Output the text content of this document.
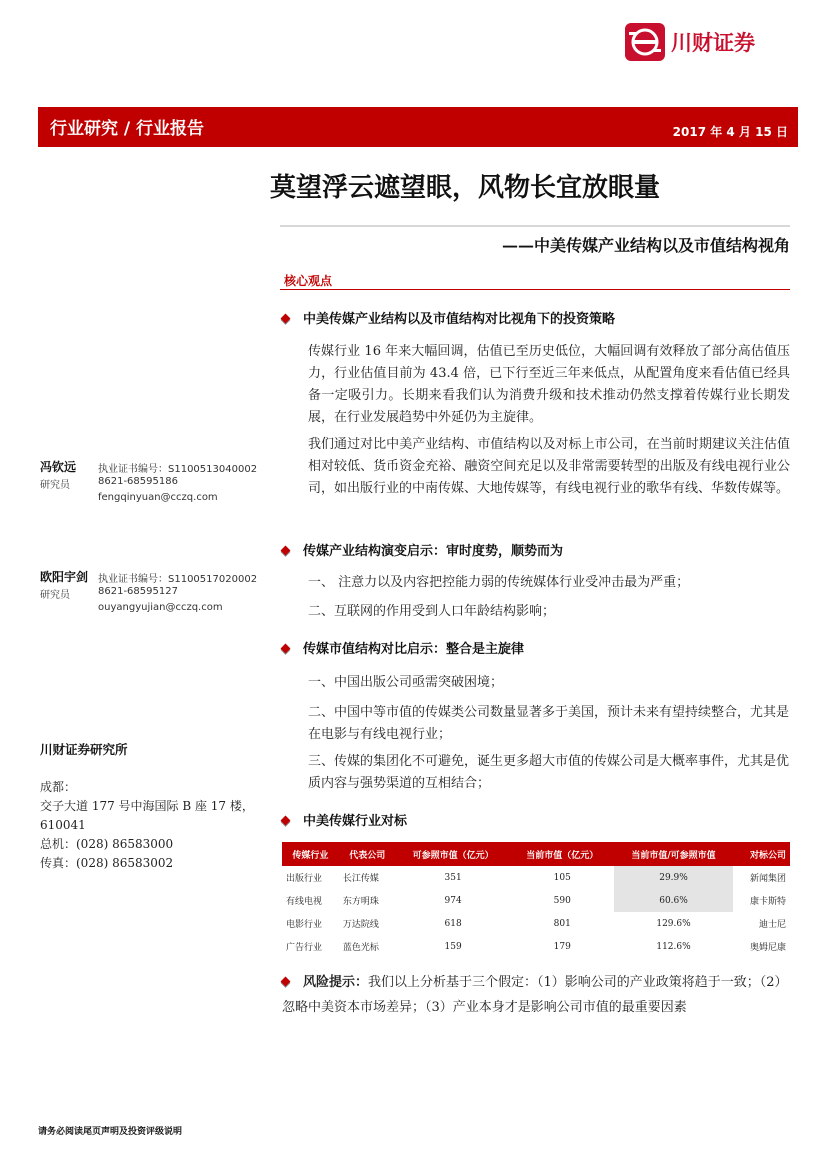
川财证券
行业研究 / 行业报告	2017 年 4 月 15 日
莫望浮云遮望眼，风物长宜放眼量
——中美传媒产业结构以及市值结构视角
核心观点
中美传媒产业结构以及市值结构对比视角下的投资策略
传媒行业 16 年来大幅回调，估值已至历史低位，大幅回调有效释放了部分高估值压力，行业估值目前为 43.4 倍，已下行至近三年来低点，从配置角度来看估值已经具备一定吸引力。长期来看我们认为消费升级和技术推动仍然支撑着传媒行业长期发展，在行业发展趋势中外延仍为主旋律。
我们通过对比中美产业结构、市值结构以及对标上市公司，在当前时期建议关注估值相对较低、货币资金充裕、融资空间充足以及非常需要转型的出版及有线电视行业公司，如出版行业的中南传媒、大地传媒等，有线电视行业的歌华有线、华数传媒等。
传媒产业结构演变启示：审时度势，顺势而为
一、 注意力以及内容把控能力弱的传统媒体行业受冲击最为严重；
二、互联网的作用受到人口年龄结构影响；
传媒市值结构对比启示：整合是主旋律
一、中国出版公司亟需突破困境；
二、中国中等市值的传媒类公司数量显著多于美国，预计未来有望持续整合，尤其是在电影与有线电视行业；
三、传媒的集团化不可避免，诞生更多超大市值的传媒公司是大概率事件，尤其是优质内容与强势渠道的互相结合；
中美传媒行业对标
传媒行业	代表公司	可参照市值（亿元）	当前市值（亿元）	当前市值/可参照市值	对标公司
出版行业	长江传媒	351	105	29.9%	新闻集团
有线电视	东方明珠	974	590	60.6%	康卡斯特
电影行业	万达院线	618	801	129.6%	迪士尼
广告行业	蓝色光标	159	179	112.6%	奥姆尼康
风险提示：我们以上分析基于三个假定：（1）影响公司的产业政策将趋于一致；（2）忽略中美资本市场差异；（3）产业本身才是影响公司市值的最重要因素
冯钦远
研究员
执业证书编号：S1100513040002
8621-68595186
fengqinyuan@cczq.com
欧阳宇剑
研究员
执业证书编号：S1100517020002
8621-68595127
ouyangyujian@cczq.com
川财证券研究所
成都：
交子大道 177 号中海国际 B 座 17 楼，610041
总机：(028) 86583000
传真：(028) 86583002
请务必阅读尾页声明及投资评级说明
